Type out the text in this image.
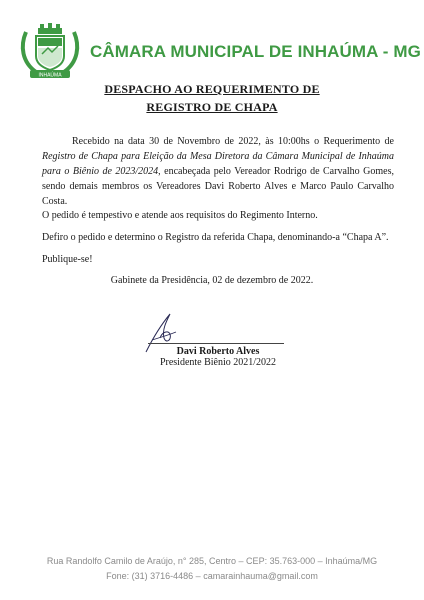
INHAÚMA
CÂMARA MUNICIPAL DE INHAÚMA - MG
DESPACHO AO REQUERIMENTO DE
REGISTRO DE CHAPA
Recebido na data 30 de Novembro de 2022, às 10:00hs o Requerimento de Registro de Chapa para Eleição da Mesa Diretora da Câmara Municipal de Inhaúma para o Biênio de 2023/2024, encabeçada pelo Vereador Rodrigo de Carvalho Gomes, sendo demais membros os Vereadores Davi Roberto Alves e Marco Paulo Carvalho Costa.
O pedido é tempestivo e atende aos requisitos do Regimento Interno.
Defiro o pedido e determino o Registro da referida Chapa, denominando-a “Chapa A”.
Publique-se!
Gabinete da Presidência, 02 de dezembro de 2022.
Davi Roberto Alves
Presidente Biênio 2021/2022
Rua Randolfo Camilo de Araújo, n° 285, Centro – CEP: 35.763-000 – Inhaúma/MG
Fone: (31) 3716-4486 – camarainhauma@gmail.com
